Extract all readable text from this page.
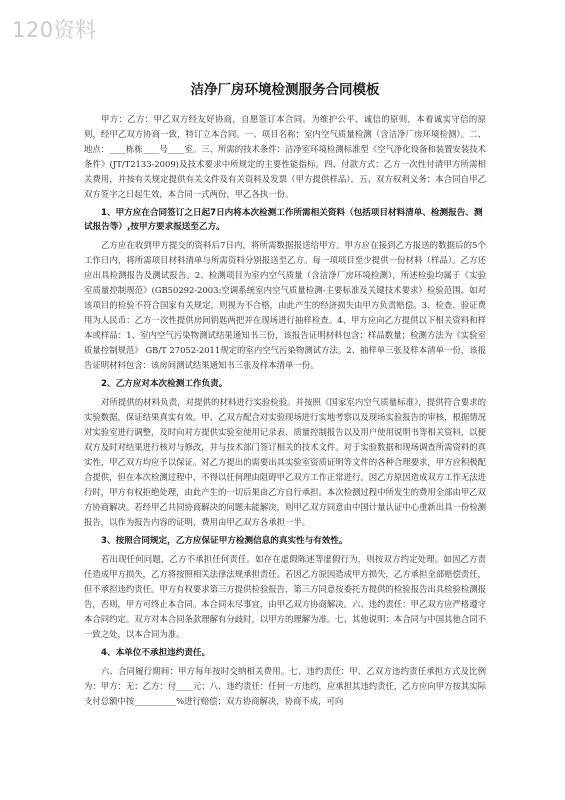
120资料
洁净厂房环境检测服务合同模板

甲方：乙方：甲乙双方经友好协商，自愿签订本合同。为维护公平、诚信的原则，本着诚实守信的原则，经甲乙双方协商一致，特订立本合同。一、项目名称：室内空气质量检测（含洁净厂房环境检测）。二、地点：____栋栋____号____室。三、所需的技术条件：洁净室环境检测标准型《空气净化设备和装置安装技术条件》(JT/T2133-2009)及技术要求中所规定的主要性能指标。四、付款方式：乙方一次性付清甲方所需相关费用，并按有关规定提供有关文件及有关资料及发票（甲方提供样品）。五、双方权利义务：本合同自甲乙双方签字之日起生效，本合同一式两份，甲乙各执一份。

1、甲方应在合同签订之日起7日内将本次检测工作所需相关资料（包括项目材料清单、检测报告、测试报告等）,按甲方要求报送至乙方。

乙方应在收到甲方提交的资料后7日内，将所需数据报送给甲方。甲方应在接到乙方报送的数据后的5个工作日内，将所需项目材料清单与所需资料分别报送至乙方。每一项项目至少提供一份材料（样品）。乙方还应出具检测报告及测试报告。2、检测项目为室内空气质量（含洁净厂房环境检测），所述检验均属于《实验室质量控制规范》(GB50292-2003:空调系统室内空气质量检测-主要标准及关键技术要求）检验范围。如对该项目的检验不符合国家有关规定，则视为不合格，由此产生的经济损失由甲方负责赔偿。3、检查、验证费用为人民币：乙方一次性提供房间钥匙两把并在现场进行抽样检查。4、甲方应向乙方提供以下相关资料和样本或样品：1、室内空气污染物测试结果通知书三份，该报告证明材料包含：样品数量；检测方法为《实验室质量控制规范》 GB/T 27052-2011规定的室内空气污染物测试方法。2、抽样单三张及样本清单一份，该报告证明材料包含：该房间测试结果通知书三张及样本清单一份。

2、乙方应对本次检测工作负责。

对所提供的材料负责，对提供的材料进行实验检验。并按照《国家室内空气质量标准》，提供符合要求的实验数据，保证结果真实有效。甲、乙双方配合对实验现场进行实地考察以及现场实验报告的审核，根据情况对实验室进行调整，及时向对方提供实验室使用记录表、质量控制报告以及用户使用说明书等相关资料，以便双方及时对结果进行核对与修改，并与技术部门签订相关的技术文件。对于实验数据和现场调查所需资料的真实性，甲乙双方均应予以保证。对乙方提出的需要出具实验室资质证明等文件的各种合理要求，甲方应积极配合提供，但在本次检测过程中，不得以任何理由阻碍甲乙双方工作正常进行。因乙方原因造成双方工作无法进行时，甲方有权拒绝处理，由此产生的一切后果由乙方自行承担。本次检测过程中所发生的费用全部由甲乙双方协商解决。若经甲乙共同协商解决的问题未能解决，则甲乙双方同意由中国计量认证中心重新出具一份检测报告，以作为报告内容的证明，费用由甲乙双方各承担一半。

3、按照合同规定，乙方应保证甲方检测信息的真实性与有效性。

若出现任何问题，乙方不承担任何责任。如存在虚假陈述等虚假行为，则按双方约定处理。如因乙方责任造成甲方损失，乙方将按照相关法律法规承担责任。若因乙方原因造成甲方损失，乙方承担全部赔偿责任，但不承担违约责任。甲方有权要求第三方提供检验报告，第三方同意按委托方提供的检验报告出具检验检测报告，否则，甲方可终止本合同。本合同未尽事宜，由甲乙双方协商解决。六、违约责任：甲乙双方应严格遵守本合同约定。双方对本合同条款理解有分歧时，以甲方的理解为准。七、其他说明：本合同与中国其他合同不一致之处，以本合同为准。

4、本单位不承担违约责任。

六、合同履行期间：甲方每年按时交纳相关费用。七、违约责任：甲、乙双方违约责任承担方式及比例为：甲方：无；乙方：付____元；八、违约责任：任何一方违约，应承担其违约责任，乙方应向甲方按其实际支付总额中按__________%进行赔偿；双方协商解决，协商不成，可向
